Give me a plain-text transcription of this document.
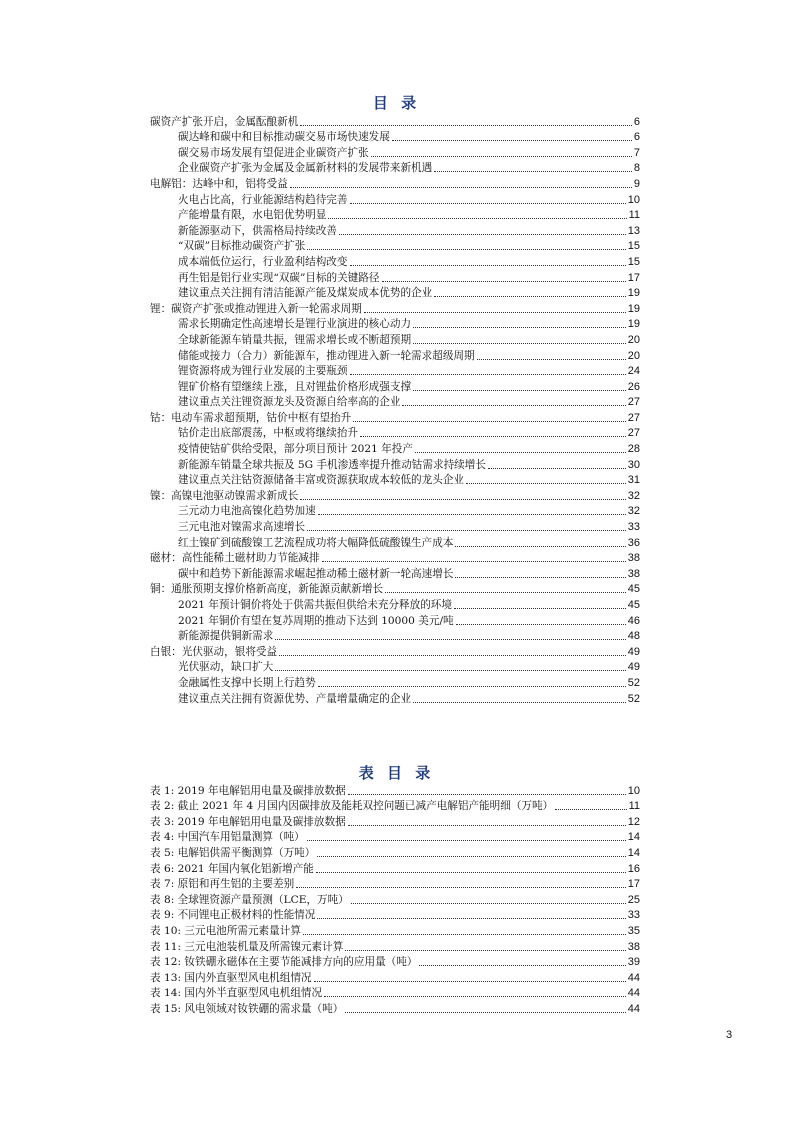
目 录
碳资产扩张开启，金属酝酿新机	6
碳达峰和碳中和目标推动碳交易市场快速发展	6
碳交易市场发展有望促进企业碳资产扩张	7
企业碳资产扩张为金属及金属新材料的发展带来新机遇	8
电解铝：达峰中和，铝将受益	9
火电占比高，行业能源结构趋待完善	10
产能增量有限，水电铝优势明显	11
新能源驱动下，供需格局持续改善	13
“双碳”目标推动碳资产扩张	15
成本端低位运行，行业盈利结构改变	15
再生铝是铝行业实现“双碳”目标的关键路径	17
建议重点关注拥有清洁能源产能及煤炭成本优势的企业	19
锂：碳资产扩张或推动锂进入新一轮需求周期	19
需求长期确定性高速增长是锂行业演进的核心动力	19
全球新能源车销量共振，锂需求增长或不断超预期	20
储能或接力（合力）新能源车，推动锂进入新一轮需求超级周期	20
锂资源将成为锂行业发展的主要瓶颈	24
锂矿价格有望继续上涨，且对锂盐价格形成强支撑	26
建议重点关注锂资源龙头及资源自给率高的企业	27
钴：电动车需求超预期，钴价中枢有望抬升	27
钴价走出底部震荡，中枢或将继续抬升	27
疫情使钴矿供给受限，部分项目预计 2021 年投产	28
新能源车销量全球共振及 5G 手机渗透率提升推动钴需求持续增长	30
建议重点关注钴资源储备丰富或资源获取成本较低的龙头企业	31
镍：高镍电池驱动镍需求新成长	32
三元动力电池高镍化趋势加速	32
三元电池对镍需求高速增长	33
红土镍矿到硫酸镍工艺流程成功将大幅降低硫酸镍生产成本	36
磁材：高性能稀土磁材助力节能减排	38
碳中和趋势下新能源需求崛起推动稀土磁材新一轮高速增长	38
铜：通胀预期支撑价格新高度，新能源贡献新增长	45
2021 年预计铜价将处于供需共振但供给未充分释放的环境	45
2021 年铜价有望在复苏周期的推动下达到 10000 美元/吨	46
新能源提供铜新需求	48
白银：光伏驱动，银将受益	49
光伏驱动，缺口扩大	49
金融属性支撑中长期上行趋势	52
建议重点关注拥有资源优势、产量增量确定的企业	52
表 目 录
表 1: 2019 年电解铝用电量及碳排放数据	10
表 2: 截止 2021 年 4 月国内因碳排放及能耗双控问题已减产电解铝产能明细（万吨）	11
表 3: 2019 年电解铝用电量及碳排放数据	12
表 4: 中国汽车用铝量测算（吨）	14
表 5: 电解铝供需平衡测算（万吨）	14
表 6: 2021 年国内氧化铝新增产能	16
表 7: 原铝和再生铝的主要差别	17
表 8: 全球锂资源产量预测（LCE，万吨）	25
表 9: 不同锂电正极材料的性能情况	33
表 10: 三元电池所需元素量计算	35
表 11: 三元电池装机量及所需镍元素计算	38
表 12: 钕铁硼永磁体在主要节能减排方向的应用量（吨）	39
表 13: 国内外直驱型风电机组情况	44
表 14: 国内外半直驱型风电机组情况	44
表 15: 风电领域对钕铁硼的需求量（吨）	44
3
